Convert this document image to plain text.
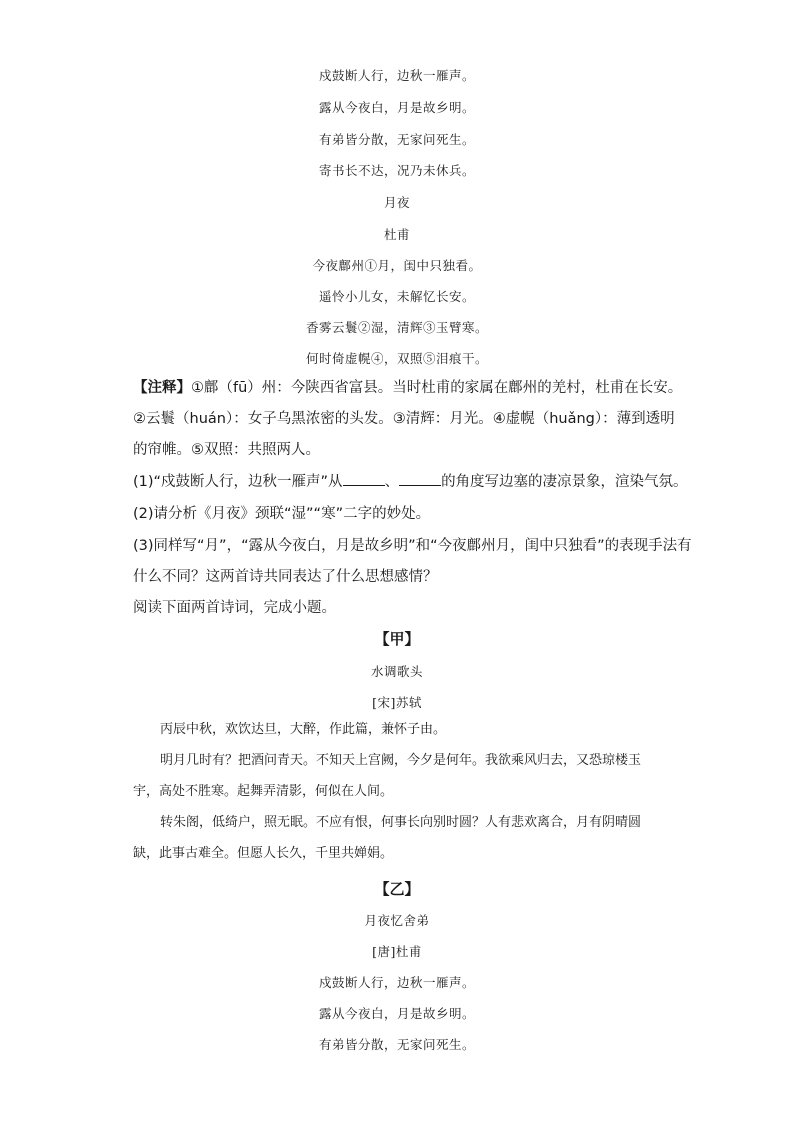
戍鼓断人行，边秋一雁声。
露从今夜白，月是故乡明。
有弟皆分散，无家问死生。
寄书长不达，况乃未休兵。
月夜
杜甫
今夜鄜州①月，闺中只独看。
遥怜小儿女，未解忆长安。
香雾云鬟②湿，清辉③玉臂寒。
何时倚虚幌④，双照⑤泪痕干。
【注释】①鄜（fū）州：今陕西省富县。当时杜甫的家属在鄜州的羌村，杜甫在长安。
②云鬟（huán）：女子乌黑浓密的头发。③清辉：月光。④虚幌（huǎng）：薄到透明
的帘帷。⑤双照：共照两人。
(1)“戍鼓断人行，边秋一雁声”从	、	的角度写边塞的凄凉景象，渲染气氛。
(2)请分析《月夜》颈联“湿”“寒”二字的妙处。
(3)同样写“月”，“露从今夜白，月是故乡明”和“今夜鄜州月，闺中只独看”的表现手法有
什么不同？这两首诗共同表达了什么思想感情？
阅读下面两首诗词，完成小题。
【甲】
水调歌头
[宋]苏轼

丙辰中秋，欢饮达旦，大醉，作此篇，兼怀子由。

明月几时有？把酒问青天。不知天上宫阙，今夕是何年。我欲乘风归去，又恐琼楼玉宇，高处不胜寒。起舞弄清影，何似在人间。

转朱阁，低绮户，照无眠。不应有恨，何事长向别时圆？人有悲欢离合，月有阴晴圆缺，此事古难全。但愿人长久，千里共婵娟。

【乙】
月夜忆舍弟
[唐]杜甫
戍鼓断人行，边秋一雁声。
露从今夜白，月是故乡明。
有弟皆分散，无家问死生。
